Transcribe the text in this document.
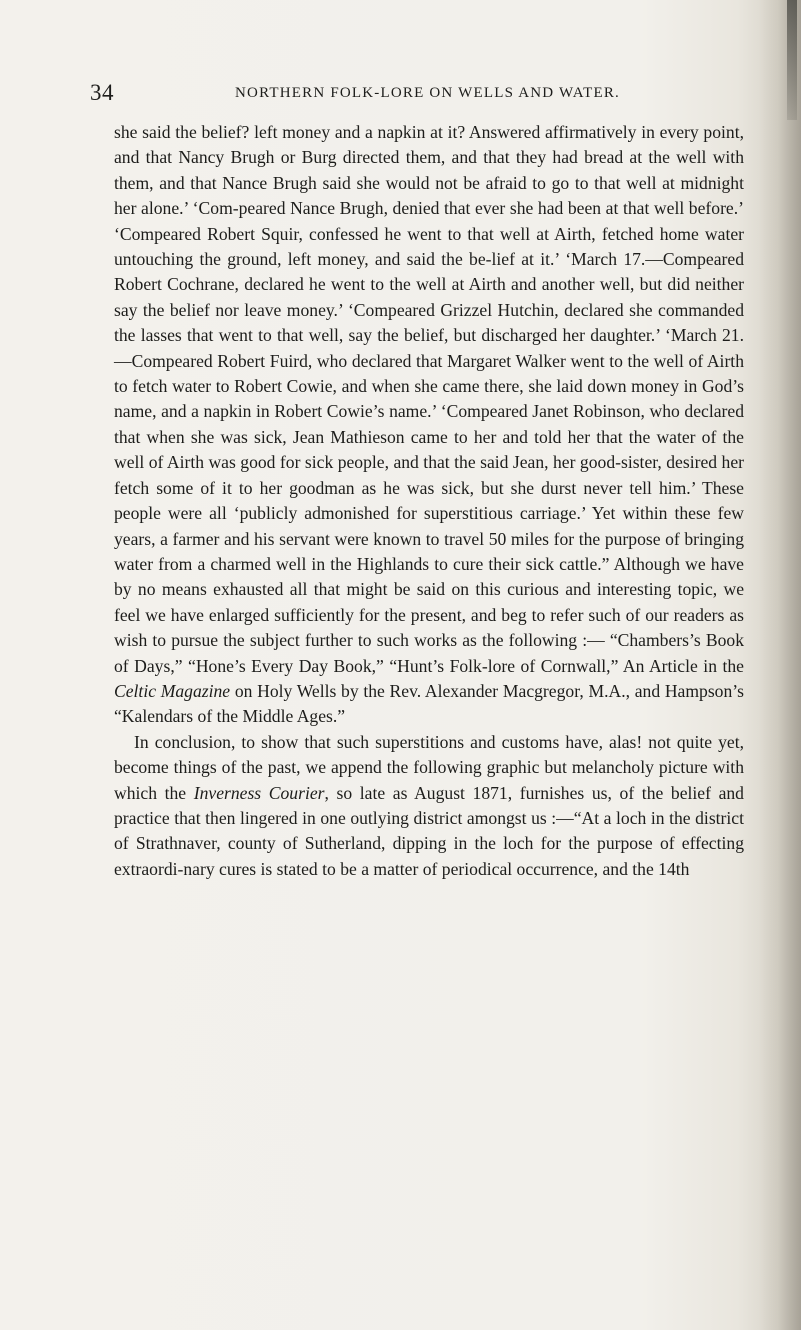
34	NORTHERN FOLK-LORE ON WELLS AND WATER.

she said the belief? left money and a napkin at it? Answered affirmatively in every point, and that Nancy Brugh or Burg directed them, and that they had bread at the well with them, and that Nance Brugh said she would not be afraid to go to that well at midnight her alone.’ ‘Com-peared Nance Brugh, denied that ever she had been at that well before.’ ‘Compeared Robert Squir, confessed he went to that well at Airth, fetched home water untouching the ground, left money, and said the be-lief at it.’ ‘March 17.—Compeared Robert Cochrane, declared he went to the well at Airth and another well, but did neither say the belief nor leave money.’ ‘Compeared Grizzel Hutchin, declared she commanded the lasses that went to that well, say the belief, but discharged her daughter.’ ‘March 21.—Compeared Robert Fuird, who declared that Margaret Walker went to the well of Airth to fetch water to Robert Cowie, and when she came there, she laid down money in God’s name, and a napkin in Robert Cowie’s name.’ ‘Compeared Janet Robinson, who declared that when she was sick, Jean Mathieson came to her and told her that the water of the well of Airth was good for sick people, and that the said Jean, her good-sister, desired her fetch some of it to her goodman as he was sick, but she durst never tell him.’ These people were all ‘publicly admonished for superstitious carriage.’ Yet within these few years, a farmer and his servant were known to travel 50 miles for the purpose of bringing water from a charmed well in the Highlands to cure their sick cattle.” Although we have by no means exhausted all that might be said on this curious and interesting topic, we feel we have enlarged sufficiently for the present, and beg to refer such of our readers as wish to pursue the subject further to such works as the following :— “Chambers’s Book of Days,” “Hone’s Every Day Book,” “Hunt’s Folk-lore of Cornwall,” An Article in the Celtic Magazine on Holy Wells by the Rev. Alexander Macgregor, M.A., and Hampson’s “Kalendars of the Middle Ages.”

In conclusion, to show that such superstitions and customs have, alas! not quite yet, become things of the past, we append the following graphic but melancholy picture with which the Inverness Courier, so late as August 1871, furnishes us, of the belief and practice that then lingered in one outlying district amongst us :—“At a loch in the district of Strathnaver, county of Sutherland, dipping in the loch for the purpose of effecting extraordi-nary cures is stated to be a matter of periodical occurrence, and the 14th
